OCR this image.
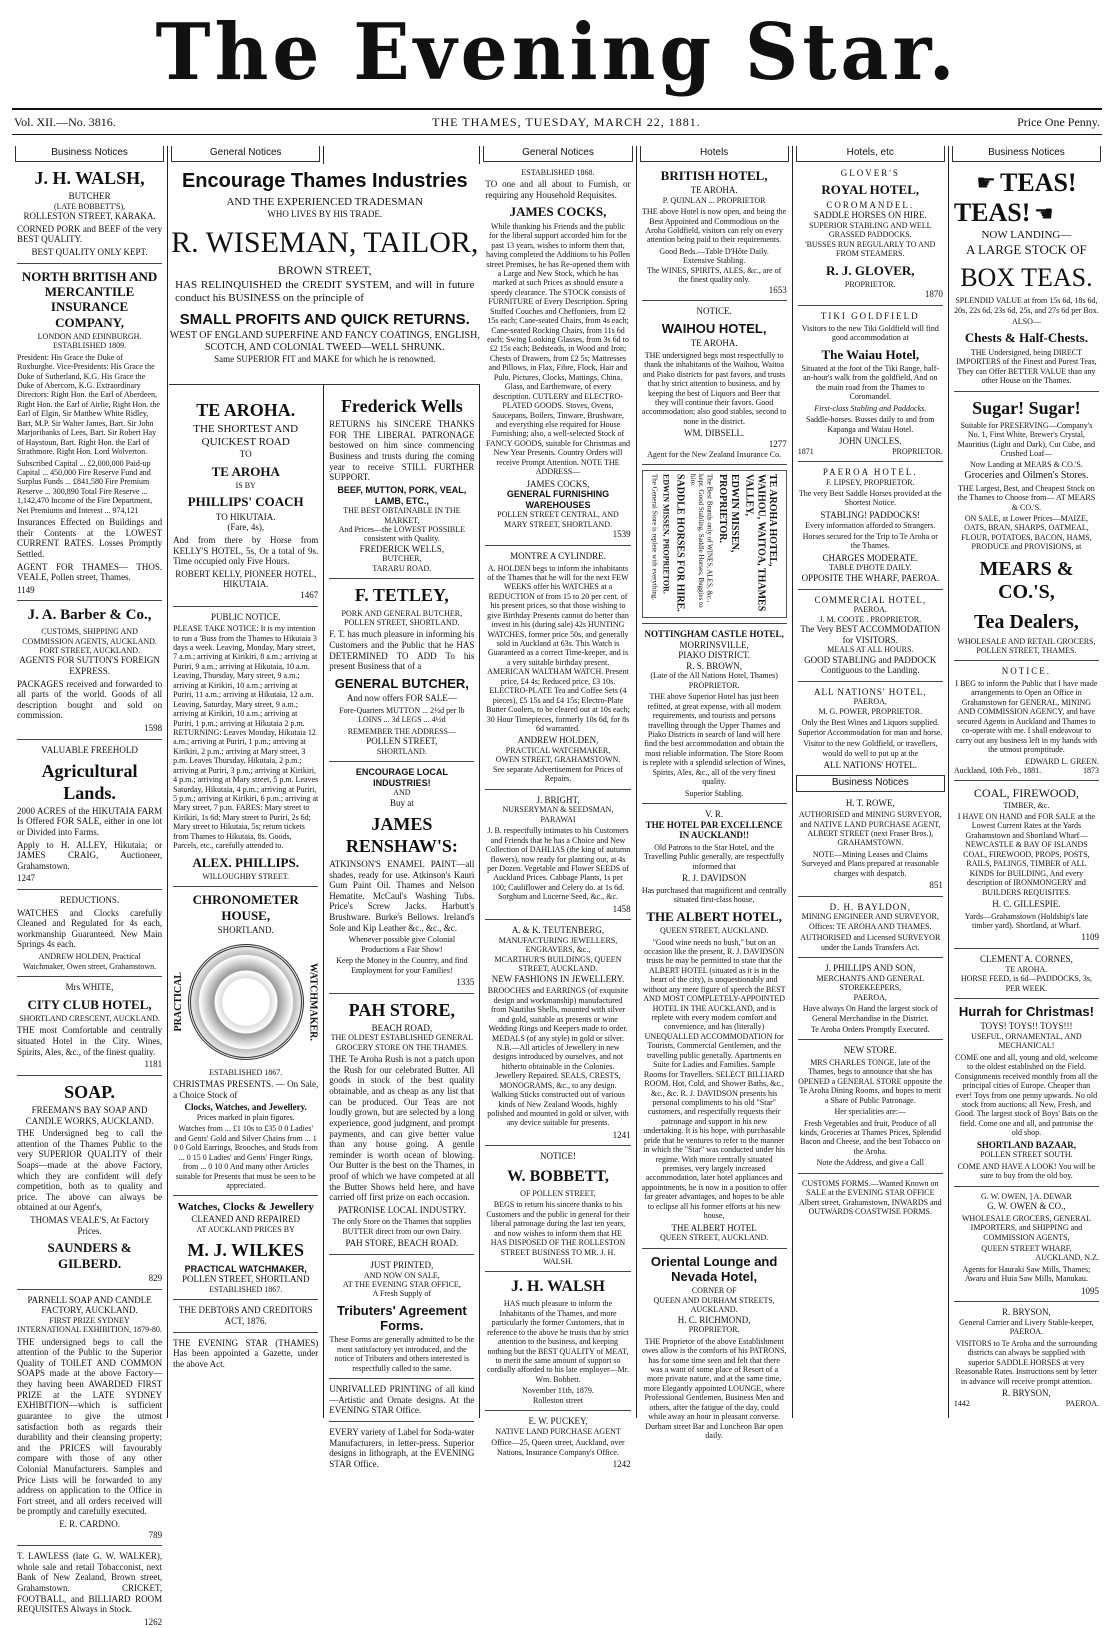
The Evening Star.
Vol. XII.—No. 3816.	THE THAMES, TUESDAY, MARCH 22, 1881.	Price One Penny.
Business Notices
J. H. WALSH,
BUTCHER
(LATE BOBBETT'S),
ROLLESTON STREET, KARAKA.

CORNED PORK and BEEF of the very BEST QUALITY.

BEST QUALITY ONLY KEPT.
NORTH BRITISH AND MERCANTILE INSURANCE COMPANY,
LONDON AND EDINBURGH.
ESTABLISHED 1809.

President: His Grace the Duke of Roxburghe. Vice-Presidents: His Grace the Duke of Sutherland, K.G. His Grace the Duke of Abercorn, K.G. Extraordinary Directors: Right Hon. the Earl of Aberdeen, Right Hon. the Earl of Airlie, Right Hon. the Earl of Elgin, Sir Matthew White Ridley, Bart, M.P. Sir Walter James, Bart. Sir John Marjoribanks of Lees, Bart. Sir Robert Hay of Haystoun, Bart. Right Hon. the Earl of Strathmore. Right Hon. Lord Wolverton.

Subscribed Capital ... £2,000,000 Paid-up Capital ... 450,000 Fire Reserve Fund and Surplus Funds ... £841,580 Fire Premium Reserve ... 300,890 Total Fire Reserve ... 1,142,470 Income of the Fire Department, Net Premiums and Interest ... 974,121

Insurances Effected on Buildings and their Contents at the LOWEST CURRENT RATES. Losses Promptly Settled.

AGENT FOR THAMES— THOS. VEALE, Pollen street, Thames.

1149
J. A. Barber & Co.,
CUSTOMS, SHIPPING AND COMMISSION AGENTS, AUCKLAND.
FORT STREET, AUCKLAND.
AGENTS FOR SUTTON'S FOREIGN EXPRESS.

PACKAGES received and forwarded to all parts of the world. Goods of all description bought and sold on commission.

1598
VALUABLE FREEHOLD
Agricultural Lands.

2000 ACRES of the HIKUTAIA FARM Is Offered FOR SALE, either in one lot or Divided into Farms.

Apply to H. ALLEY, Hikutaia; or JAMES CRAIG, Auctioneer, Grahamstown.

1247
REDUCTIONS.

WATCHES and Clocks carefully Cleaned and Regulated for 4s each, workmanship Guaranteed. New Main Springs 4s each.

ANDREW HOLDEN, Practical Watchmaker, Owen street, Grahamstown.

Mrs WHITE,
CITY CLUB HOTEL,
SHORTLAND CRESCENT, AUCKLAND.

THE most Comfortable and centrally situated Hotel in the City. Wines, Spirits, Ales, &c., of the finest quality.

1181
SOAP.
FREEMAN'S BAY SOAP AND CANDLE WORKS, AUCKLAND.

THE Undersigned beg to call the attention of the Thames Public to the very SUPERIOR QUALITY of their Soaps—made at the above Factory, which they are confident will defy competition, both as to quality and price. The above can always be obtained at our Agent's,

THOMAS VEALE'S, At Factory Prices.
SAUNDERS & GILBERD.
829
PARNELL SOAP AND CANDLE FACTORY, AUCKLAND.
FIRST PRIZE SYDNEY INTERNATIONAL EXHIBITION, 1879-80.

THE undersigned begs to call the attention of the Public to the Superior Quality of TOILET AND COMMON SOAPS made at the above Factory—they having been AWARDED FIRST PRIZE at the LATE SYDNEY EXHIBITION—which is sufficient guarantee to give the utmost satisfaction both as regards their durability and their cleansing property; and the PRICES will favourably compare with those of any other Colonial Manufacturers. Samples and Price Lists will be forwarded to any address on application to the Office in Fort street, and all orders received will be promptly and carefully executed.

E. R. CARDNO.
789

T. LAWLESS (late G. W. WALKER), whole sale and retail Tobacconist, next Bank of New Zealand, Brown street, Grahamstown. CRICKET, FOOTBALL, and BILLIARD ROOM REQUISITES Always in Stock.

1262
General Notices
Encourage Thames Industries
AND THE EXPERIENCED TRADESMAN
WHO LIVES BY HIS TRADE.
R. WISEMAN, TAILOR,
BROWN STREET,

HAS RELINQUISHED the CREDIT SYSTEM, and will in future conduct his BUSINESS on the principle of

SMALL PROFITS AND QUICK RETURNS.
WEST OF ENGLAND SUPERFINE AND FANCY COATINGS, ENGLISH, SCOTCH, AND COLONIAL TWEED—WELL SHRUNK.
Same SUPERIOR FIT and MAKE for which he is renowned.
TE AROHA.
THE SHORTEST AND QUICKEST ROAD
TO
TE AROHA
IS BY
PHILLIPS' COACH
TO HIKUTAIA.
(Fare, 4s),

And from there by Horse from KELLY'S HOTEL, 5s, Or a total of 9s. Time occupied only Five Hours.

ROBERT KELLY, PIONEER HOTEL, HIKUTAIA.
1467
PUBLIC NOTICE.

PLEASE TAKE NOTICE: It is my intention to run a 'Buss from the Thames to Hikutaia 3 days a week. Leaving, Monday, Mary street, 7 a.m.; arriving at Kirikiri, 8 a.m.; arriving at Puriri, 9 a.m.; arriving at Hikutaia, 10 a.m. Leaving, Thursday, Mary street, 9 a.m.; arriving at Kirikiri, 10 a.m.; arriving at Puriri, 11 a.m.; arriving at Hikutaia, 12 a.m. Leaving, Saturday, Mary street, 9 a.m.; arriving at Kirikiri, 10 a.m.; arriving at Puriri, 1 p.m.; arriving at Hikutaia 2 p.m. RETURNING: Leaves Monday, Hikutaia 12 a.m.; arriving at Puriri, 1 p.m.; arriving at Kirikiri, 2 p.m.; arriving at Mary street, 3 p.m. Leaves Thursday, Hikutaia, 2 p.m.; arriving at Puriri, 3 p.m.; arriving at Kirikiri, 4 p.m.; arriving at Mary street, 5 p.m. Leaves Saturday, Hikutaia, 4 p.m.; arriving at Puriri, 5 p.m.; arriving at Kirikiri, 6 p.m.; arriving at Mary street, 7 p.m. FARES: Mary street to Kirikiri, 1s 6d; Mary street to Puriri, 2s 6d; Mary street to Hikutaia, 5s; return tickets from Thames to Hikutaia, 8s. Goods, Parcels, etc., carefully attended to.

ALEX. PHILLIPS.
WILLOUGHBY STREET.
CHRONOMETER HOUSE,
SHORTLAND.
PRACTICAL	WATCHMAKER.
ESTABLISHED 1867.

CHRISTMAS PRESENTS. — On Sale, a Choice Stock of

Clocks, Watches, and Jewellery.
Prices marked in plain figures.

Watches from ... £1 10s to £35 0 0 Ladies' and Gents' Gold and Silver Chains from ... 1 0 0 Gold Earrings, Brooches, and Studs from ... 0 15 0 Ladies' and Gents' Finger Rings, from ... 0 10 0 And many other Articles suitable for Presents that must be seen to be appreciated.

Watches, Clocks & Jewellery
CLEANED AND REPAIRED
AT AUCKLAND PRICES BY
M. J. WILKES
PRACTICAL WATCHMAKER,
POLLEN STREET, SHORTLAND
ESTABLISHED 1867.
THE DEBTORS AND CREDITORS ACT, 1876.

THE EVENING STAR (THAMES) Has been appointed a Gazette, under the above Act.

Frederick Wells

RETURNS his SINCERE THANKS FOR THE LIBERAL PATRONAGE bestowed on him since commencing Business and trusts during the coming year to receive STILL FURTHER SUPPORT.

BEEF, MUTTON, PORK, VEAL, LAMB, ETC.,
THE BEST OBTAINABLE IN THE MARKET,
And Prices—the LOWEST POSSIBLE consistent with Quality.
FREDERICK WELLS,
BUTCHER,
TARARU ROAD.
F. TETLEY,
PORK AND GENERAL BUTCHER,
POLLEN STREET, SHORTLAND.

F. T. has much pleasure in informing his Customers and the Public that he HAS DETERMINED TO ADD To his present Business that of a

GENERAL BUTCHER,
And now offers FOR SALE—

Fore-Quarters MUTTON ... 2½d per lb LOINS ... 3d LEGS ... 4½d

REMEMBER THE ADDRESS—
POLLEN STREET,
SHORTLAND.
ENCOURAGE LOCAL INDUSTRIES!
AND
Buy at
JAMES RENSHAW'S:

ATKINSON'S ENAMEL PAINT—all shades, ready for use. Atkinson's Kauri Gum Paint Oil. Thames and Nelson Hematite. McCaul's Washing Tubs. Price's Screw Jacks. Harbutt's Brushware. Burke's Bellows. Ireland's Sole and Kip Leather &c., &c., &c.

Whenever possible give Colonial Productions a Fair Show!

Keep the Money in the Country, and find Employment for your Families!

1335
PAH STORE,
BEACH ROAD,
THE OLDEST ESTABLISHED GENERAL GROCERY STORE ON THE THAMES.

THE Te Aroha Rush is not a patch upon the Rush for our celebrated Butter. All goods in stock of the best quality obtainable, and as cheap as any list that can be produced. Our Teas are not loudly grown, but are selected by a long experience, good judgment, and prompt payments, and can give better value than any house going. A gentle reminder is worth ocean of blowing. Our Butter is the best on the Thames, in proof of which we have competed at all the Butter Shows held here, and have carried off first prize on each occasion.

PATRONISE LOCAL INDUSTRY.

The only Store on the Thames that supplies BUTTER direct from our own Dairy.

PAH STORE, BEACH ROAD.
JUST PRINTED,
AND NOW ON SALE,
AT THE EVENING STAR OFFICE,
A Fresh Supply of
Tributers' Agreement Forms.

These Forms are generally admitted to be the most satisfactory yet introduced, and the notice of Tributers and others interested is respectfully called to the same.

UNRIVALLED PRINTING of all kind—Artistic and Ornate designs. At the EVENING STAR Office.

EVERY variety of Label for Soda-water Manufacturers, in letter-press. Superior designs in lithograph, at the EVENING STAR Office.

General Notices
ESTABLISHED 1868.

TO one and all about to Furnish, or requiring any Household Requisites.

JAMES COCKS,

While thanking his Friends and the public for the liberal support accorded him for the past 13 years, wishes to inform them that, having completed the Additions to his Pollen street Premises, he has Re-opened them with a Large and New Stock, which he has marked at such Prices as should ensure a speedy clearance. The STOCK consists of FURNITURE of Every Description. Spring Stuffed Couches and Cheffoniers, from £2 15s each; Cane-seated Chairs, from 4s each; Cane-seated Rocking Chairs, from 11s 6d each; Swing Looking Glasses, from 3s 6d to £2 15s each; Bedsteads, in Wood and Iron; Chests of Drawers, from £2 5s; Mattresses and Pillows, in Flax, Fibre, Flock, Hair and Pulu. Pictures, Clocks, Mattings, China, Glass, and Earthenware, of every description. CUTLERY and ELECTRO-PLATED GOODS. Stoves, Ovens, Saucepans, Boilers, Tinware, Brushware, and everything else required for House Furnishing; also, a well-selected Stock of FANCY GOODS, suitable for Christmas and New Year Presents. Country Orders will receive Prompt Attention. NOTE THE ADDRESS—

JAMES COCKS,
GENERAL FURNISHING WAREHOUSES
POLLEN STREET CENTRAL, AND MARY STREET, SHORTLAND.
1539
MONTRE A CYLINDRE.

A. HOLDEN begs to inform the inhabitants of the Thames that he will for the next FEW WEEKS offer his WATCHES at a REDUCTION of from 15 to 20 per cent. of his present prices, so that those wishing to give Birthday Presents cannot do better than invest in his (during sale) 42s HUNTING WATCHES, former price 50s, and generally sold in Auckland at 63s. This Watch is Guaranteed as a correct Time-keeper, and is a very suitable birthday present. AMERICAN WALTHAM WATCH. Present price, £4 4s; Reduced price, £3 10s. ELECTRO-PLATE Tea and Coffee Sets (4 pieces), £5 15s and £4 15s; Electro-Plate Butter Coolers, to be cleared out at 10s each; 30 Hour Timepieces, formerly 10s 6d, for 8s 6d warranted.

ANDREW HOLDEN,
PRACTICAL WATCHMAKER,
OWEN STREET, GRAHAMSTOWN.
See separate Advertisement for Prices of Repairs.
J. BRIGHT,
NURSERYMAN & SEEDSMAN,
PARAWAI

J. B. respectfully intimates to his Customers and Friends that he has a Choice and New Collection of DAHLIAS (the king of autumn flowers), now ready for planting out, at 4s per Dozen. Vegetable and Flower SEEDS of Auckland Prices. Cabbage Plants, 1s per 100; Cauliflower and Celery do. at 1s 6d. Sorghum and Lucerne Seed, &c., &c.

1458
A. & K. TEUTENBERG,
MANUFACTURING JEWELLERS, ENGRAVERS, &c.,
MCARTHUR'S BUILDINGS, QUEEN STREET, AUCKLAND.
NEW FASHIONS IN JEWELLERY.

BROOCHES and EARRINGS (of exquisite design and workmanship) manufactured from Nautilus Shells, mounted with silver and gold, suitable as presents or wine Wedding Rings and Keepers made to order. MEDALS (of any style) in gold or silver. N.B.—All articles of Jewellery in new designs introduced by ourselves, and not hitherto obtainable in the Colonies. Jewellery Repaired. SEALS, CRESTS, MONOGRAMS, &c., to any design. Walking Sticks constructed out of various kinds of New Zealand Woods, highly polished and mounted in gold or silver, with any device suitable for presents.

1241
NOTICE!
W. BOBBETT,
OF POLLEN STREET,

BEGS to return his sincere thanks to his Customers and the public in general for their liberal patronage during the last ten years, and now wishes to inform them that HE HAS DISPOSED OF THE ROLLESTON STREET BUSINESS TO MR. J. H. WALSH.

J. H. WALSH

HAS much pleasure to inform the Inhabitants of the Thames, and more particularly the former Customers, that in reference to the above he trusts that by strict attention to the business, and keeping nothing but the BEST QUALITY of MEAT, to merit the same amount of support so cordially afforded to his late employer—Mr. Wm. Bobbett.

November 11th, 1879.
Rolleston street
E. W. PUCKEY,
NATIVE LAND PURCHASE AGENT

Office—25, Queen street, Auckland, over Nations, Insurance Company's Office.

1242
Hotels
BRITISH HOTEL,
TE AROHA.
P. QUINLAN ... PROPRIETOR

THE above Hotel is now open, and being the Best Appointed and Commodious on the Aroha Goldfield, visitors can rely on every attention being paid to their requirements.

Good Beds.—Table D'Hôte Daily.
Extensive Stabling.
The WINES, SPIRITS, ALES, &c., are of the finest quality only.
1653
NOTICE.
WAIHOU HOTEL,
TE AROHA.

THE undersigned begs most respectfully to thank the inhabitants of the Waihou, Waitoa and Piako districts for past favors, and trusts that by strict attention to business, and by keeping the best of Liquors and Beer that they will continue their favors. Good accommodation; also good stables, second to none in the district.

WM. DIBSELL.
1277
Agent for the New Zealand Insurance Co.
TE AROHA HOTEL, WAIHOU, WAITOA, THAMES VALLEY,
EDWIN MISSEN, PROPRIETOR.
The Best Brands only of WINES, ALES, &c., kept. Good Stabling, Saddle Horses, Buggies to hire.
SADDLE HORSES FOR HIRE.
EDWIN MISSEN, PROPRIETOR.
The General Store is replete with everything.
NOTTINGHAM CASTLE HOTEL,
MORRINSVILLE,
PIAKO DISTRICT.
R. S. BROWN,
(Late of the All Nations Hotel, Thames) PROPRIETOR.

THE above Superior Hotel has just been refitted, at great expense, with all modern requirements, and tourists and persons travelling through the Upper Thames and Piako Districts in search of land will here find the best accommodation and obtain the most reliable information. The Store Room is replete with a splendid selection of Wines, Spirits, Ales, &c., all of the very finest quality.

Superior Stabling.
V. R.
THE HOTEL PAR EXCELLENCE IN AUCKLAND!!

Old Patrons to the Star Hotel, and the Travelling Public generally, are respectfully informed that

R. J. DAVIDSON

Has purchased that magnificent and centrally situated first-class house,

THE ALBERT HOTEL,
QUEEN STREET, AUCKLAND.

"Good wine needs no bush," but on an occasion like the present, R. J. DAVIDSON trusts he may be permitted to state that the ALBERT HOTEL (situated as it is in the heart of the city), is unquestionably and without any mere figure of speech the BEST AND MOST COMPLETELY-APPOINTED HOTEL IN THE AUCKLAND, and is replete with every modern comfort and convenience, and has (literally) UNEQUALLED ACCOMMODATION for Tourists, Commercial Gentlemen, and the travelling public generally. Apartments en Suite for Ladies and Families. Sample Rooms for Travellers. SELECT BILLIARD ROOM. Hot, Cold, and Shower Baths, &c., &c., &c. R. J. DAVIDSON presents his personal compliments to his old "Star" customers, and respectfully requests their patronage and support in his new undertaking. It is his hope, with purchasable pride that he ventures to refer to the manner in which the "Star" was conducted under his regime. With more centrally situated premises, very largely increased accommodation, later hotel appliances and appointments, he is now in a position to offer far greater advantages, and hopes to be able to eclipse all his former efforts at his new house,

THE ALBERT HOTEL
QUEEN STREET, AUCKLAND.
Oriental Lounge and Nevada Hotel,
CORNER OF
QUEEN AND DURHAM STREETS,
AUCKLAND.
H. C. RICHMOND,
PROPRIETOR.

THE Proprietor of the above Establishment owes allow is the comforts of his PATRONS, has for some time seen and felt that there was a want of some place of Resort of a more private nature, and at the same time, more Elegantly appointed LOUNGE, where Professional Gentlemen, Business Men and others, after the fatigue of the day, could while away an hour in pleasant converse. Durham street Bar and Luncheon Bar open daily.

Hotels, etc
GLOVER'S
ROYAL HOTEL,
COROMANDEL.
SADDLE HORSES ON HIRE.
SUPERIOR STABLING AND WELL GRASSED PADDOCKS.
'BUSSES RUN REGULARLY TO AND FROM STEAMERS.
R. J. GLOVER,
PROPRIETOR.
1870
TIKI GOLDFIELD

Visitors to the new Tiki Goldfield will find good accommodation at

The Waiau Hotel,

Situated at the foot of the Tiki Range, half-an-hour's walk from the goldfield, And on the main road from the Thames to Coromandel.

First-class Stabling and Paddocks.

Saddle-horses. Busses daily to and from Kapanga and Waiau Hotel.

JOHN UNCLES.
1871	PROPRIETOR.
PAEROA HOTEL.
F. LIPSEY, PROPRIETOR.

The very Best Saddle Horses provided at the Shortest Notice.

STABLING! PADDOCKS!
Every information afforded to Strangers.

Horses secured for the Trip to Te Aroha or the Thames.

CHARGES MODERATE.
TABLE D'HOTE DAILY.
OPPOSITE THE WHARF, PAEROA.
COMMERCIAL HOTEL,
PAEROA.
J. M. COOTE . PROPRIETOR.
The Very BEST ACCOMMODATION for VISITORS.
MEALS AT ALL HOURS.
GOOD STABLING and PADDOCK Contiguous to the Landing.
ALL NATIONS' HOTEL,
PAEROA,
M. G. POWER, PROPRIETOR.

Only the Best Wines and Liquors supplied. Superior Accommodation for man and horse.

Visitor to the new Goldfield, or travellers, would do well to put up at the

ALL NATIONS' HOTEL.
Business Notices
H. T. ROWE,

AUTHORISED and MINING SURVEYOR, and NATIVE LAND PURCHASE AGENT, ALBERT STREET (next Fraser Bros.), GRAHAMSTOWN.

NOTE—Mining Leases and Claims Surveyed and Plans prepared at reasonable charges with despatch.

851
D. H. BAYLDON,
MINING ENGINEER AND SURVEYOR,
Offices: TE AROHA AND THAMES.

AUTHORISED and Licensed SURVEYOR under the Lands Transfers Act.

J. PHILLIPS AND SON,
MERCHANTS AND GENERAL STOREKEEPERS,
PAEROA,

Have always On Hand the largest stock of General Merchandise in the District.

Te Aroha Orders Promptly Executed.
NEW STORE.

MRS CHARLES TONGE, late of the Thames, begs to announce that she has OPENED a GENERAL STORE opposite the Te Aroha Dining Rooms, and hopes to merit a Share of Public Patronage.

Her specialities are:—

Fresh Vegetables and fruit, Produce of all kinds, Groceries at Thames Prices, Splendid Bacon and Cheese, and the best Tobacco on the Aroha.

Note the Address, and give a Call

CUSTOMS FORMS.—Wanted Known on SALE at the EVENING STAR OFFICE Albert street, Grahamstown, INWARDS and OUTWARDS COASTWISE FORMS.

Business Notices
☛ TEAS!
TEAS! ☛
NOW LANDING—
A LARGE STOCK OF
BOX TEAS.

SPLENDID VALUE at from 15s 6d, 18s 6d, 20s, 22s 6d, 23s 6d, 25s, and 27s 6d per Box.

ALSO—
Chests & Half-Chests.

THE Undersigned, being DIRECT IMPORTERS of the Finest and Purest Teas, They can Offer BETTER VALUE than any other House on the Thames.

Sugar! Sugar!

Suitable for PRESERVING—Company's No. 1, First White, Brewer's Crystal, Mauritius (Light and Dark), Cut Cube, and Crushed Loaf—

Now Landing at MEARS & CO.'S.
Groceries and Oilmen's Stores.

THE Largest, Best, and Cheapest Stock on the Thames to Choose from— AT MEARS & CO.'S.

ON SALE, at Lower Prices—MAIZE, OATS, BRAN, SHARPS, OATMEAL, FLOUR, POTATOES, BACON, HAMS, PRODUCE and PROVISIONS, at

MEARS & CO.'S,
Tea Dealers,
WHOLESALE AND RETAIL GROCERS, POLLEN STREET, THAMES.
NOTICE.

I BEG to inform the Public that I have made arrangements to Open an Office in Grahamstown for GENERAL, MINING AND COMMISSION AGENCY, and have secured Agents in Auckland and Thames to co-operate with me. I shall endeavour to carry out any business left in my hands with the utmost promptitude.

EDWARD L. GREEN.
Auckland, 10th Feb., 1881.	1873
COAL, FIREWOOD,
TIMBER, &c.

I HAVE ON HAND and FOR SALE at the Lowest Current Rates at the Yards Grahamstown and Shortland Wharf— NEWCASTLE & BAY OF ISLANDS COAL, FIREWOOD, PROPS, POSTS, RAILS, PALINGS, TIMBER of ALL KINDS for BUILDING, And every description of IRONMONGERY and BUILDERS REQUISITES.

H. C. GILLESPIE.

Yards—Grahamstown (Holdship's late timber yard). Shortland, at Wharf.

1109
CLEMENT A. CORNES,
TE AROHA.
HORSE FEED, is 6d—PADDOCKS, 3s, PER WEEK.
Hurrah for Christmas!
TOYS! TOYS!! TOYS!!!
USEFUL, ORNAMENTAL, AND MECHANICAL!

COME one and all, young and old, welcome to the oldest established on the Field. Consignments received monthly from all the principal cities of Europe. Cheaper than ever! Toys from one penny upwards. No old stock from auctions; all New, Fresh, and Good. The largest stock of Boys' Bats on the field. Come one and all, and patronise the old shop.

SHORTLAND BAZAAR,
POLLEN STREET SOUTH.

COME AND HAVE A LOOK! You will be sure to buy from the old boy.

G. W. OWEN, ] A. DEWAR
G. W. OWEN & CO.,

WHOLESALE GROCERS, GENERAL IMPORTERS, and SHIPPING and COMMISSION AGENTS,

QUEEN STREET WHARF,
AUCKLAND, N.Z.

Agents for Hauraki Saw Mills, Thames; Awaru and Huia Saw Mills, Manukau.

1095
R. BRYSON,
General Carrier and Livery Stable-keeper, PAEROA.

VISITORS to Te Aroha and the surrounding districts can always be supplied with superior SADDLE HORSES at very Reasonable Rates. Instructions sent by letter in advance will receive prompt attention.

R. BRYSON,
1442	PAEROA.
